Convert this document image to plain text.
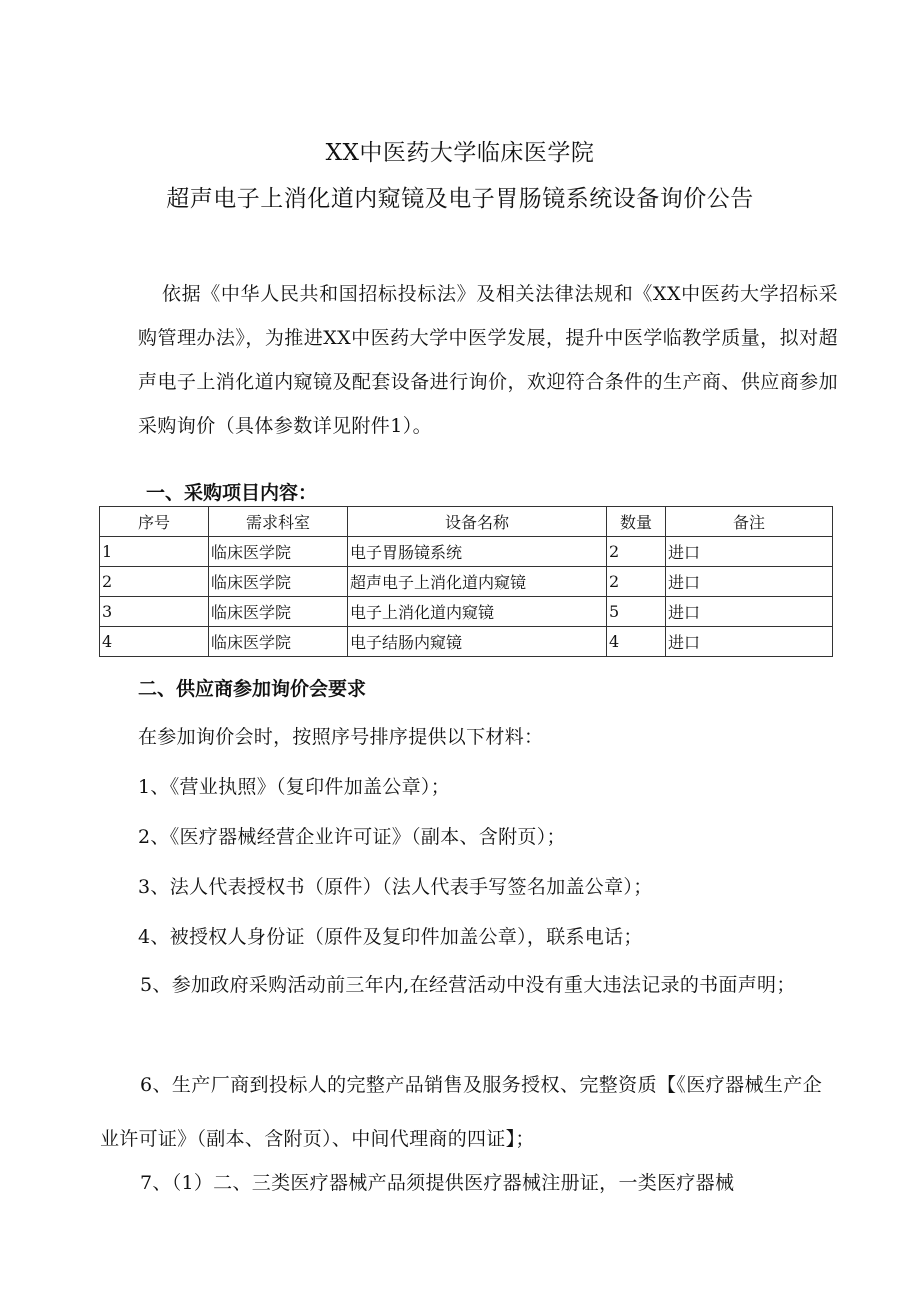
XX中医药大学临床医学院
超声电子上消化道内窥镜及电子胃肠镜系统设备询价公告

依据《中华人民共和国招标投标法》及相关法律法规和《XX中医药大学招标采购管理办法》，为推进XX中医药大学中医学发展，提升中医学临教学质量，拟对超声电子上消化道内窥镜及配套设备进行询价，欢迎符合条件的生产商、供应商参加采购询价（具体参数详见附件1）。

一、采购项目内容：
序号	需求科室	设备名称	数量	备注
1	临床医学院	电子胃肠镜系统	2	进口
2	临床医学院	超声电子上消化道内窥镜	2	进口
3	临床医学院	电子上消化道内窥镜	5	进口
4	临床医学院	电子结肠内窥镜	4	进口
二、供应商参加询价会要求
在参加询价会时，按照序号排序提供以下材料：
1、《营业执照》（复印件加盖公章）；
2、《医疗器械经营企业许可证》（副本、含附页）；
3、法人代表授权书（原件）（法人代表手写签名加盖公章）；
4、被授权人身份证（原件及复印件加盖公章），联系电话；

5、参加政府采购活动前三年内,在经营活动中没有重大违法记录的书面声明；

6、生产厂商到投标人的完整产品销售及服务授权、完整资质【《医疗器械生产企业许可证》（副本、含附页）、中间代理商的四证】；

7、（1）二、三类医疗器械产品须提供医疗器械注册证，一类医疗器械
